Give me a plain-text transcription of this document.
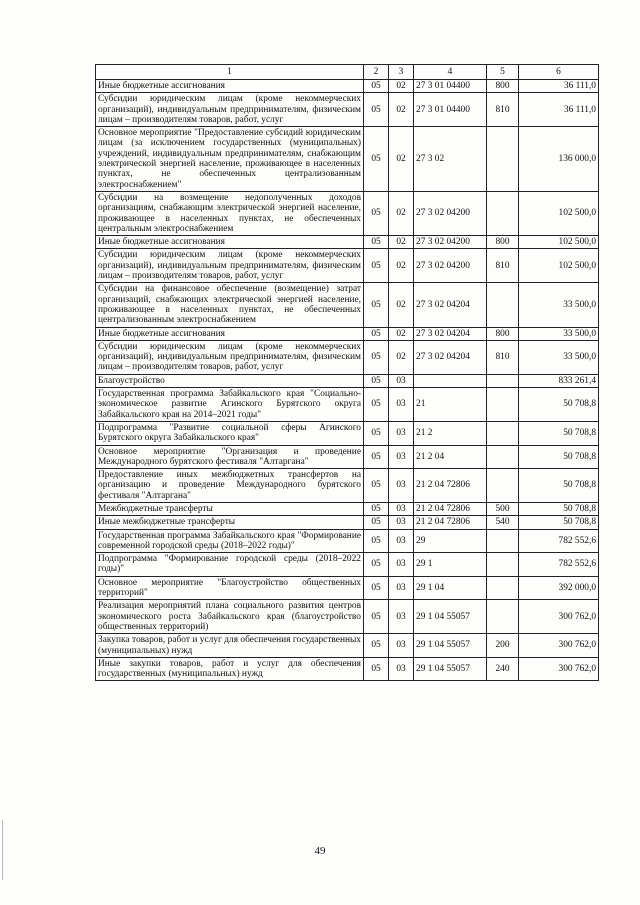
1	2	3	4	5	6
Иные бюджетные ассигнования	05	02	27 3 01 04400	800	36 111,0
Субсидии юридическим лицам (кроме некоммерческих организаций), индивидуальным предпринимателям, физическим лицам – производителям товаров, работ, услуг	05	02	27 3 01 04400	810	36 111,0
Основное мероприятие "Предоставление субсидий юридическим лицам (за исключением государственных (муниципальных) учреждений, индивидуальным предпринимателям, снабжающим электрической энергией население, проживающее в населенных пунктах, не обеспеченных централизованным электроснабжением"	05	02	27 3 02		136 000,0
Субсидии на возмещение недополученных доходов организациям, снабжающим электрической энергией население, проживающее в населенных пунктах, не обеспеченных центральным электроснабжением	05	02	27 3 02 04200		102 500,0
Иные бюджетные ассигнования	05	02	27 3 02 04200	800	102 500,0
Субсидии юридическим лицам (кроме некоммерческих организаций), индивидуальным предпринимателям, физическим лицам – производителям товаров, работ, услуг	05	02	27 3 02 04200	810	102 500,0
Субсидии на финансовое обеспечение (возмещение) затрат организаций, снабжающих электрической энергией население, проживающее в населенных пунктах, не обеспеченных централизованным электроснабжением	05	02	27 3 02 04204		33 500,0
Иные бюджетные ассигнования	05	02	27 3 02 04204	800	33 500,0
Субсидии юридическим лицам (кроме некоммерческих организаций), индивидуальным предпринимателям, физическим лицам – производителям товаров, работ, услуг	05	02	27 3 02 04204	810	33 500,0
Благоустройство	05	03			833 261,4
Государственная программа Забайкальского края "Социально-экономическое развитие Агинского Бурятского округа Забайкальского края на 2014–2021 годы"	05	03	21		50 708,8
Подпрограмма "Развитие социальной сферы Агинского Бурятского округа Забайкальского края"	05	03	21 2		50 708,8
Основное мероприятие "Организация и проведение Международного бурятского фестиваля "Алтаргана"	05	03	21 2 04		50 708,8
Предоставление иных межбюджетных трансфертов на организацию и проведение Международного бурятского фестиваля "Алтаргана"	05	03	21 2 04 72806		50 708,8
Межбюджетные трансферты	05	03	21 2 04 72806	500	50 708,8
Иные межбюджетные трансферты	05	03	21 2 04 72806	540	50 708,8
Государственная программа Забайкальского края "Формирование современной городской среды (2018–2022 годы)"	05	03	29		782 552,6
Подпрограмма "Формирование городской среды (2018–2022 годы)"	05	03	29 1		782 552,6
Основное мероприятие "Благоустройство общественных территорий"	05	03	29 1 04		392 000,0
Реализация мероприятий плана социального развития центров экономического роста Забайкальского края (благоустройство общественных территорий)	05	03	29 1 04 55057		300 762,0
Закупка товаров, работ и услуг для обеспечения государственных (муниципальных) нужд	05	03	29 1 04 55057	200	300 762,0
Иные закупки товаров, работ и услуг для обеспечения государственных (муниципальных) нужд	05	03	29 1 04 55057	240	300 762,0
49
